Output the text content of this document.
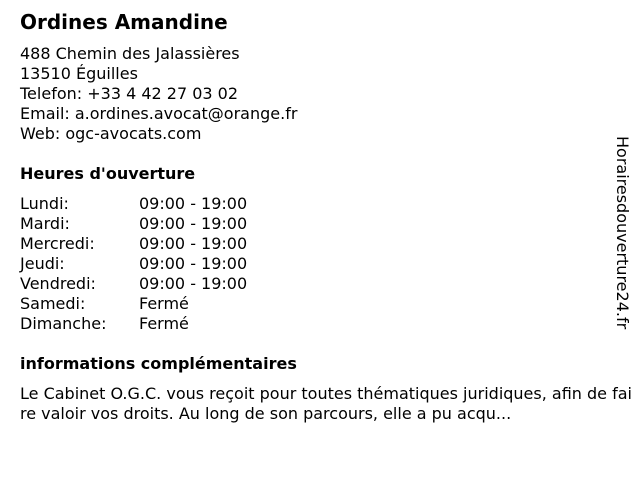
Ordines Amandine
488 Chemin des Jalassières
13510 Éguilles
Telefon: +33 4 42 27 03 02
Email: a.ordines.avocat@orange.fr
Web: ogc-avocats.com
Heures d'ouverture
Lundi:	09:00 - 19:00
Mardi:	09:00 - 19:00
Mercredi:	09:00 - 19:00
Jeudi:	09:00 - 19:00
Vendredi:	09:00 - 19:00
Samedi:	Fermé
Dimanche:	Fermé
informations complémentaires
Le Cabinet O.G.C. vous reçoit pour toutes thématiques juridiques, afin de faire valoir vos droits. Au long de son parcours, elle a pu acqu...
Horairesdouverture24.fr
